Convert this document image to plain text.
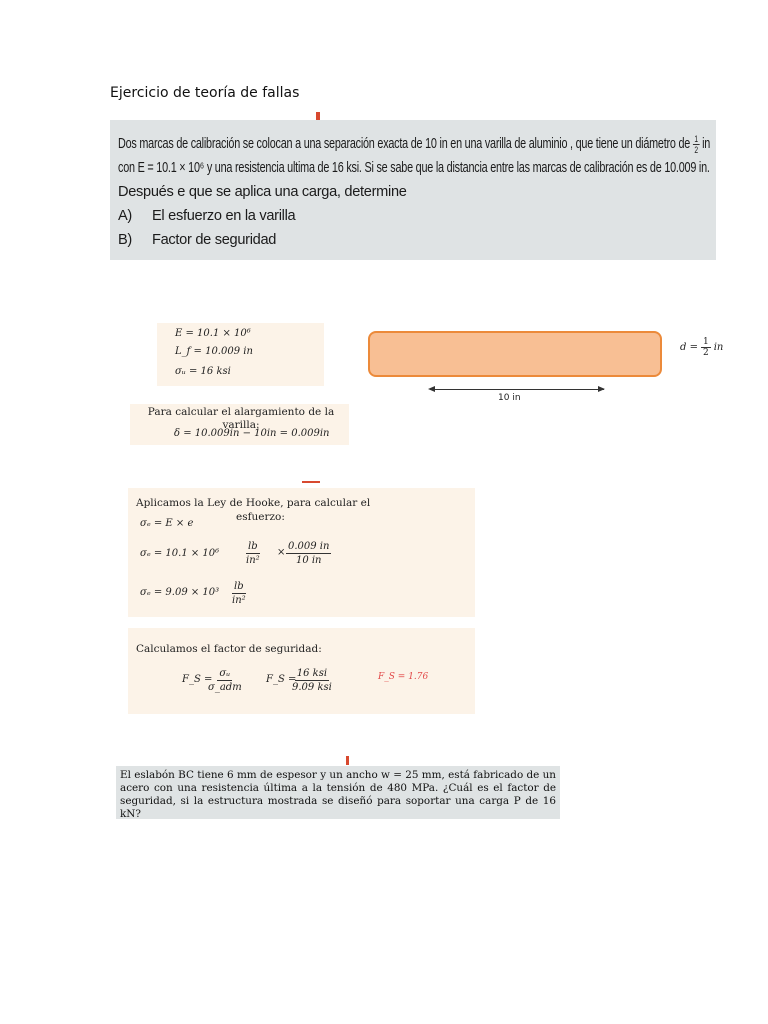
Ejercicio de teoría de fallas
Dos marcas de calibración se colocan a una separación exacta de 10 in en una varilla de aluminio , que tiene un diámetro de $\frac{1}{2}$ in
con E = 10.1 × 10⁶ y una resistencia ultima de 16 ksi. Si se sabe que la distancia entre las marcas de calibración es de 10.009 in.
Después e que se aplica una carga, determine
A) El esfuerzo en la varilla
B) Factor de seguridad
E = 10.1 × 10⁶
L_f = 10.009 in
σᵤ = 16 ksi
$d = \frac{1}{2}$ in
10 in
Para calcular el alargamiento de la varilla:
δ = 10.009in − 10in = 0.009in
Aplicamos la Ley de Hooke, para calcular el
esfuerzo:
σₑ = E × e
σₑ = 10.1 × 10⁶	$\frac{lb}{\text{in²}} \times \frac{0.009 in}{10 in}$
$\sigma_e = 9.09 \times 10^3 \frac{lb}{\text{in²}}$
Calculamos el factor de seguridad:
F_S =
$\frac{\text{σᵤ}}{\text{σ\_adm}}$ F_S =
$\frac{\text{16 ksi}}{\text{9.09 ksi}}$	F_S = 1.76
El eslabón BC tiene 6 mm de espesor y un ancho w = 25 mm, está fabricado de un acero con una resistencia última a la tensión de 480 MPa. ¿Cuál es el factor de seguridad, si la estructura mostrada se diseñó para soportar una carga P de 16 kN?
